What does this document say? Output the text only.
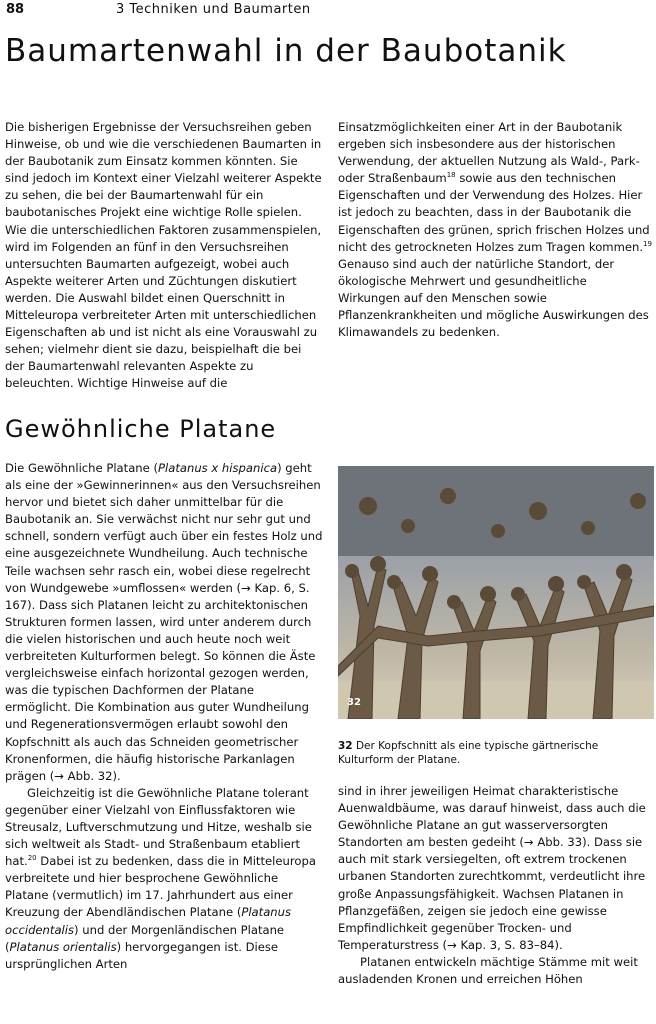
88	3 Techniken und Baumarten
Baumartenwahl in der Baubotanik

Die bisherigen Ergebnisse der Versuchsreihen geben Hinweise, ob und wie die verschiedenen Baumarten in der Baubotanik zum Einsatz kommen könnten. Sie sind jedoch im Kontext einer Vielzahl weiterer Aspekte zu sehen, die bei der Baumartenwahl für ein baubotanisches Projekt eine wichtige Rolle spielen. Wie die unterschiedlichen Faktoren zusammenspielen, wird im Folgenden an fünf in den Versuchsreihen untersuchten Baumarten aufgezeigt, wobei auch Aspekte weiterer Arten und Züchtungen diskutiert werden. Die Auswahl bildet einen Querschnitt in Mitteleuropa verbreiteter Arten mit unterschiedlichen Eigenschaften ab und ist nicht als eine Vorauswahl zu sehen; vielmehr dient sie dazu, beispielhaft die bei der Baumartenwahl relevanten Aspekte zu beleuchten. Wichtige Hinweise auf die

Einsatzmöglichkeiten einer Art in der Baubotanik ergeben sich insbesondere aus der historischen Verwendung, der aktuellen Nutzung als Wald-, Park- oder Straßenbaum$^{18}$ sowie aus den technischen Eigenschaften und der Verwendung des Holzes. Hier ist jedoch zu beachten, dass in der Baubotanik die Eigenschaften des grünen, sprich frischen Holzes und nicht des getrockneten Holzes zum Tragen kommen.$^{19}$ Genauso sind auch der natürliche Standort, der ökologische Mehrwert und gesundheitliche Wirkungen auf den Menschen sowie Pflanzenkrankheiten und mögliche Auswirkungen des Klimawandels zu bedenken.

Gewöhnliche Platane

Die Gewöhnliche Platane (Platanus x hispanica) geht als eine der »Gewinnerinnen« aus den Versuchsreihen hervor und bietet sich daher unmittelbar für die Baubotanik an. Sie verwächst nicht nur sehr gut und schnell, sondern verfügt auch über ein festes Holz und eine ausgezeichnete Wundheilung. Auch technische Teile wachsen sehr rasch ein, wobei diese regelrecht von Wundgewebe »umflossen« werden (→ Kap. 6, S. 167). Dass sich Platanen leicht zu architektonischen Strukturen formen lassen, wird unter anderem durch die vielen historischen und auch heute noch weit verbreiteten Kulturformen belegt. So können die Äste vergleichsweise einfach horizontal gezogen werden, was die typischen Dachformen der Platane ermöglicht. Die Kombination aus guter Wundheilung und Regenerationsvermögen erlaubt sowohl den Kopfschnitt als auch das Schneiden geometrischer Kronenformen, die häufig historische Parkanlagen prägen (→ Abb. 32).

Gleichzeitig ist die Gewöhnliche Platane tolerant gegenüber einer Vielzahl von Einflussfaktoren wie Streusalz, Luftverschmutzung und Hitze, weshalb sie sich weltweit als Stadt- und Straßenbaum etabliert hat.$^{20}$ Dabei ist zu bedenken, dass die in Mitteleuropa verbreitete und hier besprochene Gewöhnliche Platane (vermutlich) im 17. Jahrhundert aus einer Kreuzung der Abendländischen Platane (Platanus occidentalis) und der Morgenländischen Platane (Platanus orientalis) hervorgegangen ist. Diese ursprünglichen Arten

32
32 Der Kopfschnitt als eine typische gärtnerische Kulturform der Platane.

sind in ihrer jeweiligen Heimat charakteristische Auenwaldbäume, was darauf hinweist, dass auch die Gewöhnliche Platane an gut wasserversorgten Standorten am besten gedeiht (→ Abb. 33). Dass sie auch mit stark versiegelten, oft extrem trockenen urbanen Standorten zurechtkommt, verdeutlicht ihre große Anpassungsfähigkeit. Wachsen Platanen in Pflanzgefäßen, zeigen sie jedoch eine gewisse Empfindlichkeit gegenüber Trocken- und Temperaturstress (→ Kap. 3, S. 83–84).

Platanen entwickeln mächtige Stämme mit weit ausladenden Kronen und erreichen Höhen
